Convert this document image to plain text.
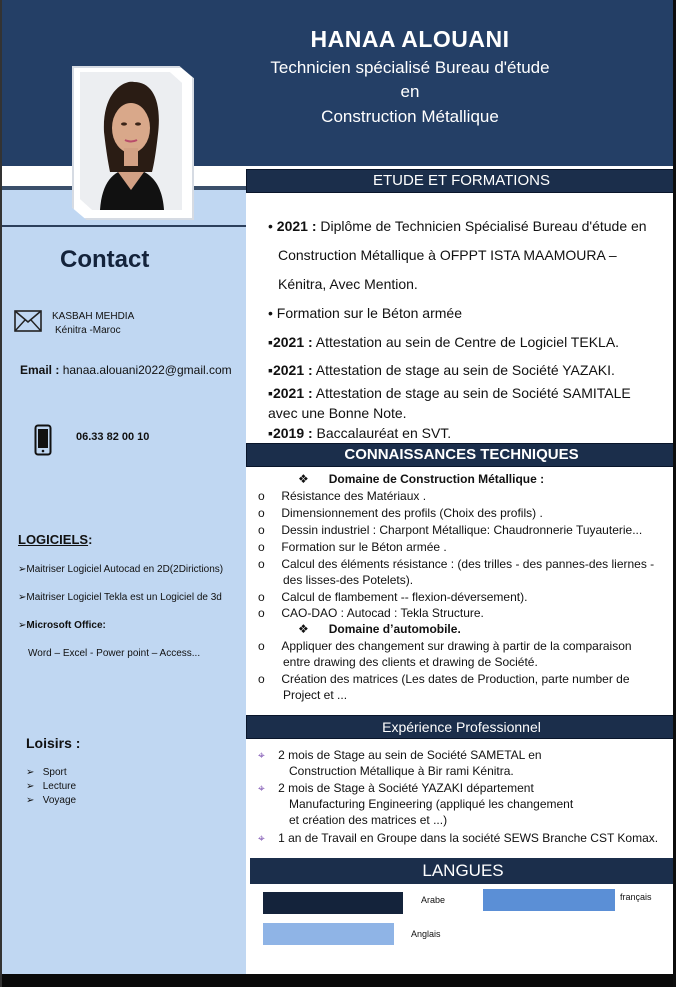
HANAA ALOUANI
Technicien spécialisé Bureau d'étude
en
Construction Métallique
Contact
KASBAH MEHDIA
Kénitra -Maroc
Email : hanaa.alouani2022@gmail.com
06.33 82 00 10
LOGICIELS:
➢Maitriser Logiciel Autocad en 2D(2Dirictions)
➢Maitriser Logiciel Tekla est un Logiciel de 3d
➢Microsoft Office:
Word – Excel - Power point – Access...
Loisirs :
➢   Sport
➢   Lecture
➢   Voyage
ETUDE ET FORMATIONS
• 2021 : Diplôme de Technicien Spécialisé Bureau d'étude en
Construction Métallique à OFPPT ISTA MAAMOURA –
Kénitra, Avec Mention.
• Formation sur le Béton armée
▪2021 : Attestation au sein de Centre de Logiciel TEKLA.
▪2021 : Attestation de stage au sein de Société YAZAKI.
▪2021 : Attestation de stage au sein de Société SAMITALE
avec une Bonne Note.
▪2019 : Baccalauréat en SVT.
CONNAISSANCES TECHNIQUES
❖      Domaine de Construction Métallique :
o     Résistance des Matériaux .
o     Dimensionnement des profils (Choix des profils) .
o     Dessin industriel : Charpont Métallique: Chaudronnerie Tuyauterie...
o     Formation sur le Béton armée .
o     Calcul des éléments résistance : (des trilles - des pannes-des liernes -
des lisses-des Potelets).
o     Calcul de flambement -- flexion-déversement).
o     CAO-DAO : Autocad : Tekla Structure.
❖      Domaine d’automobile.
o     Appliquer des changement sur drawing à partir de la comparaison
entre drawing des clients et drawing de Société.
o     Création des matrices (Les dates de Production, parte number de
Project et ...
Expérience Professionnel
⌖ 2 mois de Stage au sein de Société SAMETAL en
Construction Métallique à Bir rami Kénitra.
⌖ 2 mois de Stage à Société YAZAKI département
Manufacturing Engineering (appliqué les changement
et création des matrices et ...)
⌖ 1 an de Travail en Groupe dans la société SEWS Branche CST Komax.
LANGUES
Arabe	français
Anglais
